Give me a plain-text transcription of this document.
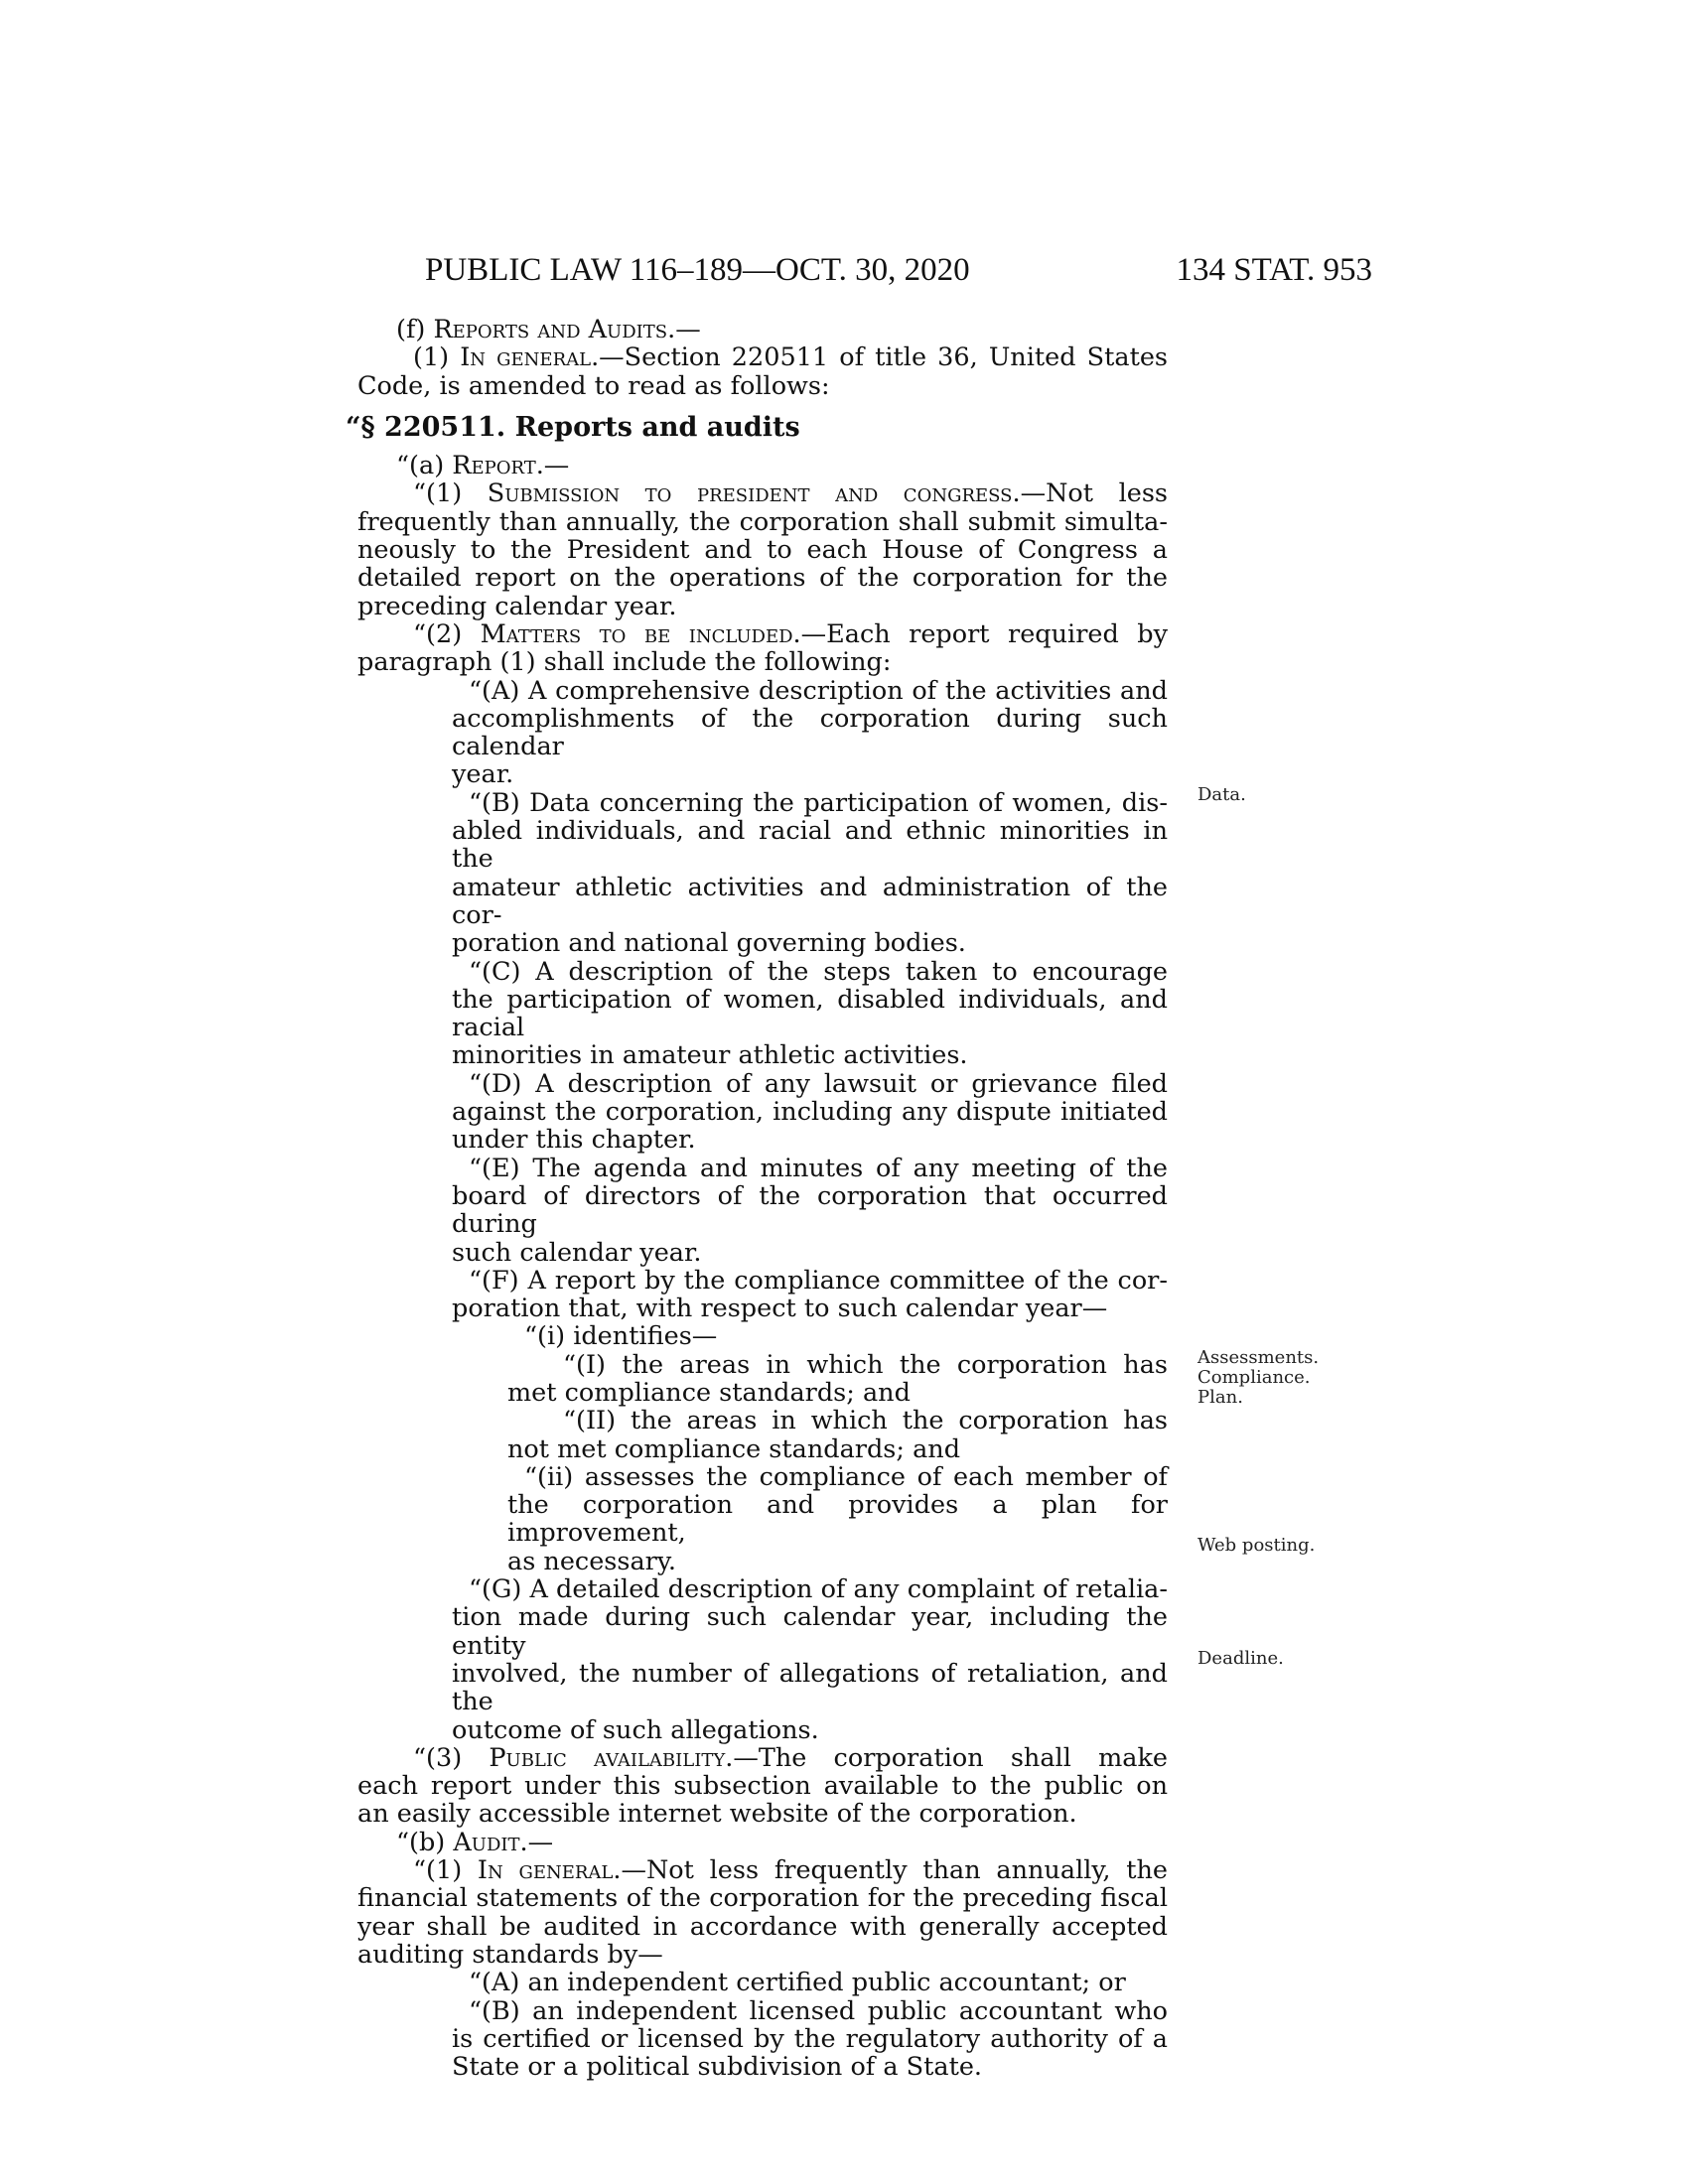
PUBLIC LAW 116–189—OCT. 30, 2020	134 STAT. 953
(f) Reports and Audits.—
(1) In general.—Section 220511 of title 36, United States
Code, is amended to read as follows:
“§ 220511. Reports and audits
“(a) Report.—
“(1) Submission to president and congress.—Not less
frequently than annually, the corporation shall submit simulta-
neously to the President and to each House of Congress a
detailed report on the operations of the corporation for the
preceding calendar year.
“(2) Matters to be included.—Each report required by
paragraph (1) shall include the following:
“(A) A comprehensive description of the activities and
accomplishments of the corporation during such calendar
year.
“(B) Data concerning the participation of women, dis-
abled individuals, and racial and ethnic minorities in the
amateur athletic activities and administration of the cor-
poration and national governing bodies.
“(C) A description of the steps taken to encourage
the participation of women, disabled individuals, and racial
minorities in amateur athletic activities.
“(D) A description of any lawsuit or grievance filed
against the corporation, including any dispute initiated
under this chapter.
“(E) The agenda and minutes of any meeting of the
board of directors of the corporation that occurred during
such calendar year.
“(F) A report by the compliance committee of the cor-
poration that, with respect to such calendar year—
“(i) identifies—
“(I) the areas in which the corporation has
met compliance standards; and
“(II) the areas in which the corporation has
not met compliance standards; and
“(ii) assesses the compliance of each member of
the corporation and provides a plan for improvement,
as necessary.
“(G) A detailed description of any complaint of retalia-
tion made during such calendar year, including the entity
involved, the number of allegations of retaliation, and the
outcome of such allegations.
“(3) Public availability.—The corporation shall make
each report under this subsection available to the public on
an easily accessible internet website of the corporation.
“(b) Audit.—
“(1) In general.—Not less frequently than annually, the
financial statements of the corporation for the preceding fiscal
year shall be audited in accordance with generally accepted
auditing standards by—
“(A) an independent certified public accountant; or
“(B) an independent licensed public accountant who
is certified or licensed by the regulatory authority of a
State or a political subdivision of a State.
Data.
Assessments.
Compliance.
Plan.
Web posting.
Deadline.
